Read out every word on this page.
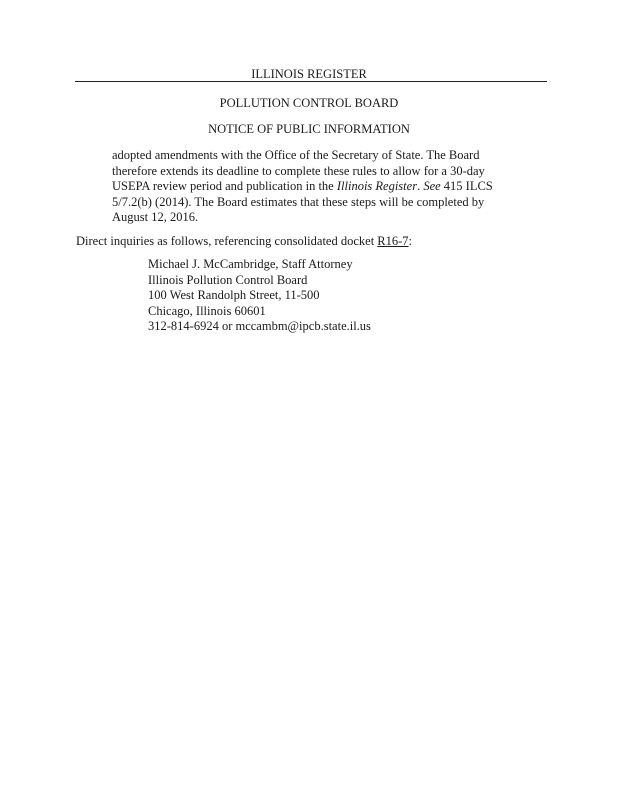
ILLINOIS REGISTER
POLLUTION CONTROL BOARD
NOTICE OF PUBLIC INFORMATION
adopted amendments with the Office of the Secretary of State. The Board
therefore extends its deadline to complete these rules to allow for a 30-day
USEPA review period and publication in the Illinois Register. See 415 ILCS
5/7.2(b) (2014). The Board estimates that these steps will be completed by
August 12, 2016.
Direct inquiries as follows, referencing consolidated docket R16-7:
Michael J. McCambridge, Staff Attorney
Illinois Pollution Control Board
100 West Randolph Street, 11-500
Chicago, Illinois 60601
312-814-6924 or mccambm@ipcb.state.il.us
